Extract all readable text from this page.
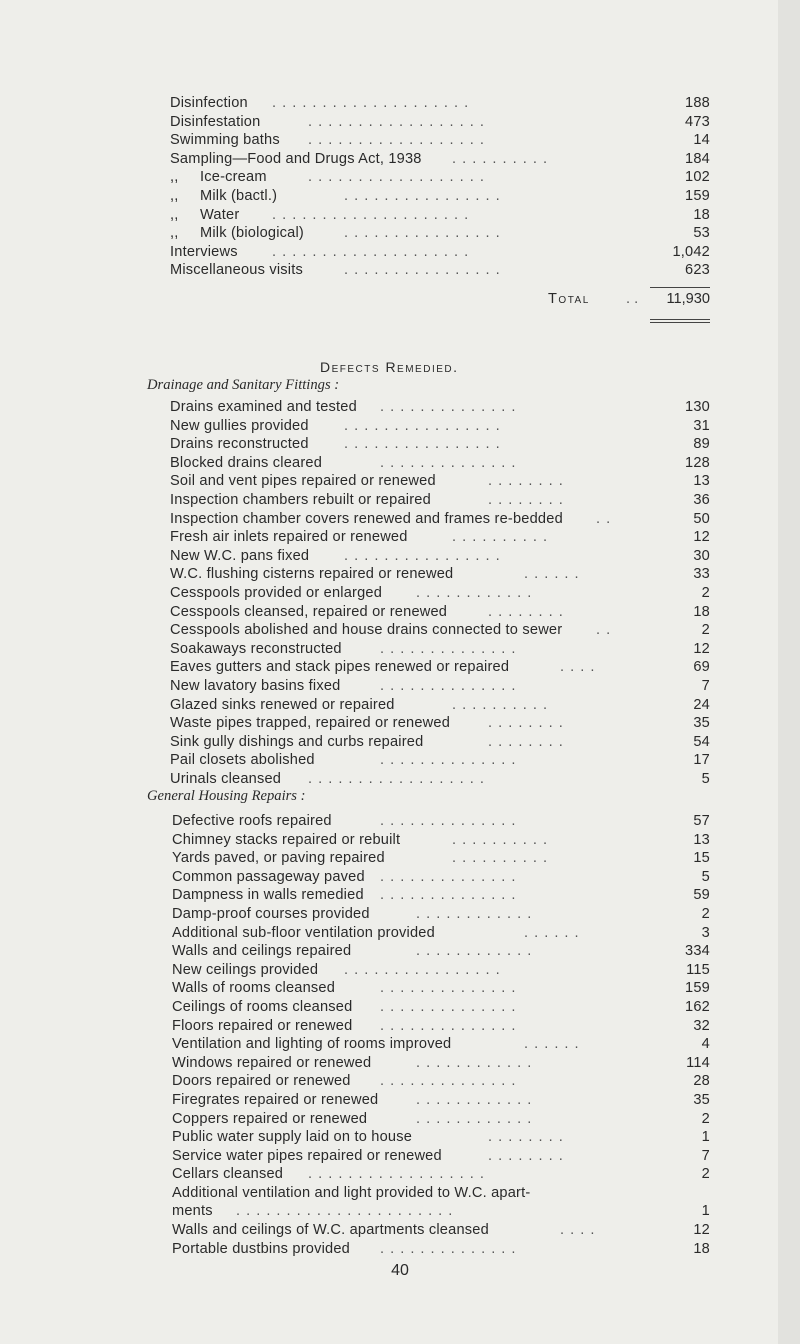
Disinfection . . . . . . . . . . . . . . . . . . . .	188
Disinfestation	. . . . . . . . . . . . . . . . . .	473
Swimming baths . . . . . . . . . . . . . . . . . .	14
Sampling—Food and Drugs Act, 1938 . . . . . . . . . .	184
,, Ice-cream	. . . . . . . . . . . . . . . . . .	102
,, Milk (bactl.)	. . . . . . . . . . . . . . . .	159
,, Water . . . . . . . . . . . . . . . . . . . .	18
,, Milk (biological)	. . . . . . . . . . . . . . . .	53
Interviews . . . . . . . . . . . . . . . . . . . .	1,042
Miscellaneous visits	. . . . . . . . . . . . . . . .	623
Total . . 11,930
Defects Remedied.
Drainage and Sanitary Fittings :
Drains examined and tested . . . . . . . . . . . . . .	130
New gullies provided . . . . . . . . . . . . . . . .	31
Drains reconstructed . . . . . . . . . . . . . . . .	89
Blocked drains cleared	. . . . . . . . . . . . . .	128
Soil and vent pipes repaired or renewed	. . . . . . . .	13
Inspection chambers rebuilt or repaired	. . . . . . . .	36
Inspection chamber covers renewed and frames re-bedded . .	50
Fresh air inlets repaired or renewed	. . . . . . . . . .	12
New W.C. pans fixed . . . . . . . . . . . . . . . .	30
W.C. flushing cisterns repaired or renewed	. . . . . .	33
Cesspools provided or enlarged . . . . . . . . . . . .	2
Cesspools cleansed, repaired or renewed	. . . . . . . .	18
Cesspools abolished and house drains connected to sewer . .	2
Soakaways reconstructed	. . . . . . . . . . . . . .	12
Eaves gutters and stack pipes renewed or repaired	. . . .	69
New lavatory basins fixed	. . . . . . . . . . . . . .	7
Glazed sinks renewed or repaired	. . . . . . . . . .	24
Waste pipes trapped, repaired or renewed	. . . . . . . .	35
Sink gully dishings and curbs repaired	. . . . . . . .	54
Pail closets abolished	. . . . . . . . . . . . . .	17
Urinals cleansed . . . . . . . . . . . . . . . . . .	5
General Housing Repairs :
Defective roofs repaired	. . . . . . . . . . . . . .	57
Chimney stacks repaired or rebuilt	. . . . . . . . . .	13
Yards paved, or paving repaired	. . . . . . . . . .	15
Common passageway paved . . . . . . . . . . . . . .	5
Dampness in walls remedied . . . . . . . . . . . . . .	59
Damp-proof courses provided	. . . . . . . . . . . .	2
Additional sub-floor ventilation provided	. . . . . .	3
Walls and ceilings repaired	. . . . . . . . . . . .	334
New ceilings provided . . . . . . . . . . . . . . . .	115
Walls of rooms cleansed	. . . . . . . . . . . . . .	159
Ceilings of rooms cleansed . . . . . . . . . . . . . .	162
Floors repaired or renewed . . . . . . . . . . . . . .	32
Ventilation and lighting of rooms improved	. . . . . .	4
Windows repaired or renewed	. . . . . . . . . . . .	114
Doors repaired or renewed . . . . . . . . . . . . . .	28
Firegrates repaired or renewed	. . . . . . . . . . . .	35
Coppers repaired or renewed	. . . . . . . . . . . .	2
Public water supply laid on to house	. . . . . . . .	1
Service water pipes repaired or renewed	. . . . . . . .	7
Cellars cleansed . . . . . . . . . . . . . . . . . .	2
Additional ventilation and light provided to W.C. apart-
ments . . . . . . . . . . . . . . . . . . . . . .	1
Walls and ceilings of W.C. apartments cleansed	. . . .	12
Portable dustbins provided . . . . . . . . . . . . . .	18
40
